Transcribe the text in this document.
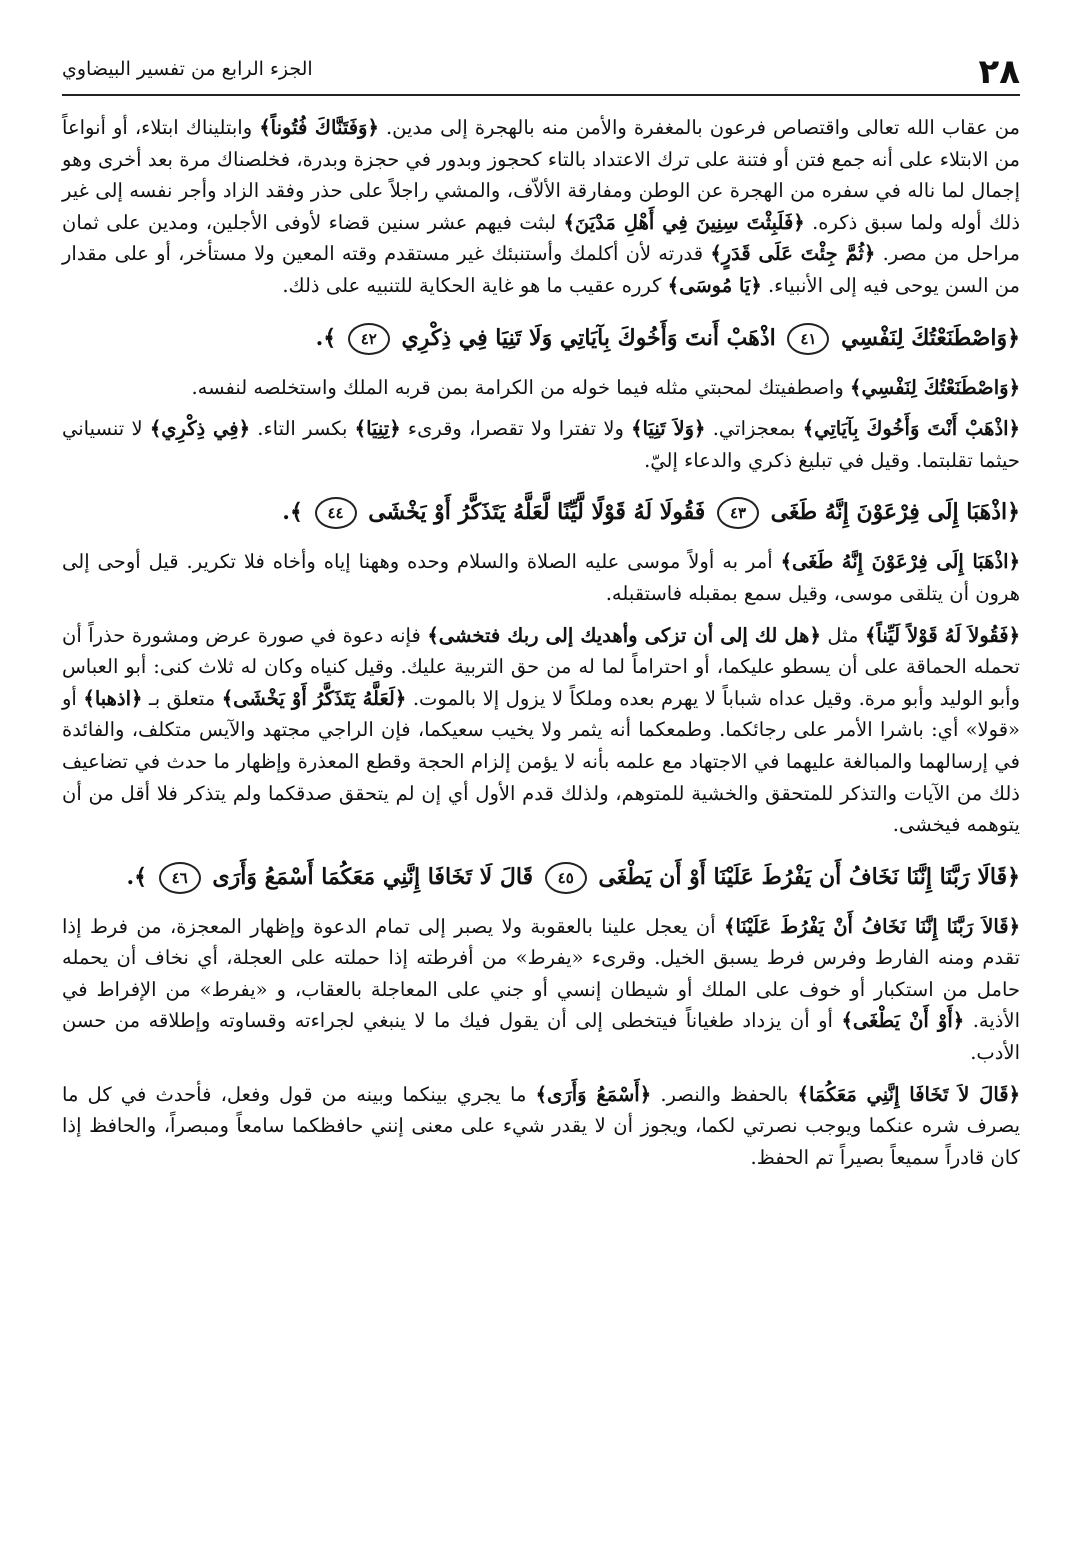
٢٨
الجزء الرابع من تفسير البيضاوي

من عقاب الله تعالى واقتصاص فرعون بالمغفرة والأمن منه بالهجرة إلى مدين. ﴿وَفَتَنَّاكَ فُتُوناً﴾ وابتليناك ابتلاء، أو أنواعاً من الابتلاء على أنه جمع فتن أو فتنة على ترك الاعتداد بالتاء كحجوز وبدور في حجزة وبدرة، فخلصناك مرة بعد أخرى وهو إجمال لما ناله في سفره من الهجرة عن الوطن ومفارقة الألاّف، والمشي راجلاً على حذر وفقد الزاد وأجر نفسه إلى غير ذلك أوله ولما سبق ذكره. ﴿فَلَبِثْتَ سِنِينَ فِي أَهْلِ مَدْيَنَ﴾ لبثت فيهم عشر سنين قضاء لأوفى الأجلين، ومدين على ثمان مراحل من مصر. ﴿ثُمَّ جِئْتَ عَلَى قَدَرٍ﴾ قدرته لأن أكلمك وأستنبئك غير مستقدم وقته المعين ولا مستأخر، أو على مقدار من السن يوحى فيه إلى الأنبياء. ﴿يَا مُوسَى﴾ كرره عقيب ما هو غاية الحكاية للتنبيه على ذلك.

﴿وَاصْطَنَعْتُكَ لِنَفْسِي ٤١ اذْهَبْ أَنتَ وَأَخُوكَ بِآيَاتِي وَلَا تَنِيَا فِي ذِكْرِي ٤٢ ﴾.

﴿وَاصْطَنَعْتُكَ لِنَفْسِي﴾ واصطفيتك لمحبتي مثله فيما خوله من الكرامة بمن قربه الملك واستخلصه لنفسه.

﴿اذْهَبْ أَنْتَ وَأَخُوكَ بِآيَاتِي﴾ بمعجزاتي. ﴿وَلاَ تَنِيَا﴾ ولا تفترا ولا تقصرا، وقرىء ﴿تِنِيَا﴾ بكسر التاء. ﴿فِي ذِكْرِي﴾ لا تنسياني حيثما تقلبتما. وقيل في تبليغ ذكري والدعاء إليّ.

﴿اذْهَبَا إِلَى فِرْعَوْنَ إِنَّهُ طَغَى ٤٣ فَقُولَا لَهُ قَوْلًا لَّيِّنًا لَّعَلَّهُ يَتَذَكَّرُ أَوْ يَخْشَى ٤٤ ﴾.

﴿اذْهَبَا إِلَى فِرْعَوْنَ إِنَّهُ طَغَى﴾ أمر به أولاً موسى عليه الصلاة والسلام وحده وههنا إياه وأخاه فلا تكرير. قيل أوحى إلى هرون أن يتلقى موسى، وقيل سمع بمقبله فاستقبله.

﴿فَقُولاَ لَهُ قَوْلاً لَيِّناً﴾ مثل ﴿هل لك إلى أن تزكى وأهديك إلى ربك فتخشى﴾ فإنه دعوة في صورة عرض ومشورة حذراً أن تحمله الحماقة على أن يسطو عليكما، أو احتراماً لما له من حق التربية عليك. وقيل كنياه وكان له ثلاث كنى: أبو العباس وأبو الوليد وأبو مرة. وقيل عداه شباباً لا يهرم بعده وملكاً لا يزول إلا بالموت. ﴿لَعَلَّهُ يَتَذَكَّرُ أَوْ يَخْشَى﴾ متعلق بـ ﴿اذهبا﴾ أو «قولا» أي: باشرا الأمر على رجائكما. وطمعكما أنه يثمر ولا يخيب سعيكما، فإن الراجي مجتهد والآيس متكلف، والفائدة في إرسالهما والمبالغة عليهما في الاجتهاد مع علمه بأنه لا يؤمن إلزام الحجة وقطع المعذرة وإظهار ما حدث في تضاعيف ذلك من الآيات والتذكر للمتحقق والخشية للمتوهم، ولذلك قدم الأول أي إن لم يتحقق صدقكما ولم يتذكر فلا أقل من أن يتوهمه فيخشى.

﴿قَالَا رَبَّنَا إِنَّنَا نَخَافُ أَن يَفْرُطَ عَلَيْنَا أَوْ أَن يَطْغَى ٤٥ قَالَ لَا تَخَافَا إِنَّنِي مَعَكُمَا أَسْمَعُ وَأَرَى ٤٦ ﴾.

﴿قَالاَ رَبَّنَا إِنَّنَا نَخَافُ أَنْ يَفْرُطَ عَلَيْنَا﴾ أن يعجل علينا بالعقوبة ولا يصبر إلى تمام الدعوة وإظهار المعجزة، من فرط إذا تقدم ومنه الفارط وفرس فرط يسبق الخيل. وقرىء «يفرط» من أفرطته إذا حملته على العجلة، أي نخاف أن يحمله حامل من استكبار أو خوف على الملك أو شيطان إنسي أو جني على المعاجلة بالعقاب، و «يفرط» من الإفراط في الأذية. ﴿أَوْ أَنْ يَطْغَى﴾ أو أن يزداد طغياناً فيتخطى إلى أن يقول فيك ما لا ينبغي لجراءته وقساوته وإطلاقه من حسن الأدب.

﴿قَالَ لاَ تَخَافَا إِنَّنِي مَعَكُمَا﴾ بالحفظ والنصر. ﴿أَسْمَعُ وَأَرَى﴾ ما يجري بينكما وبينه من قول وفعل، فأحدث في كل ما يصرف شره عنكما ويوجب نصرتي لكما، ويجوز أن لا يقدر شيء على معنى إنني حافظكما سامعاً ومبصراً، والحافظ إذا كان قادراً سميعاً بصيراً تم الحفظ.
